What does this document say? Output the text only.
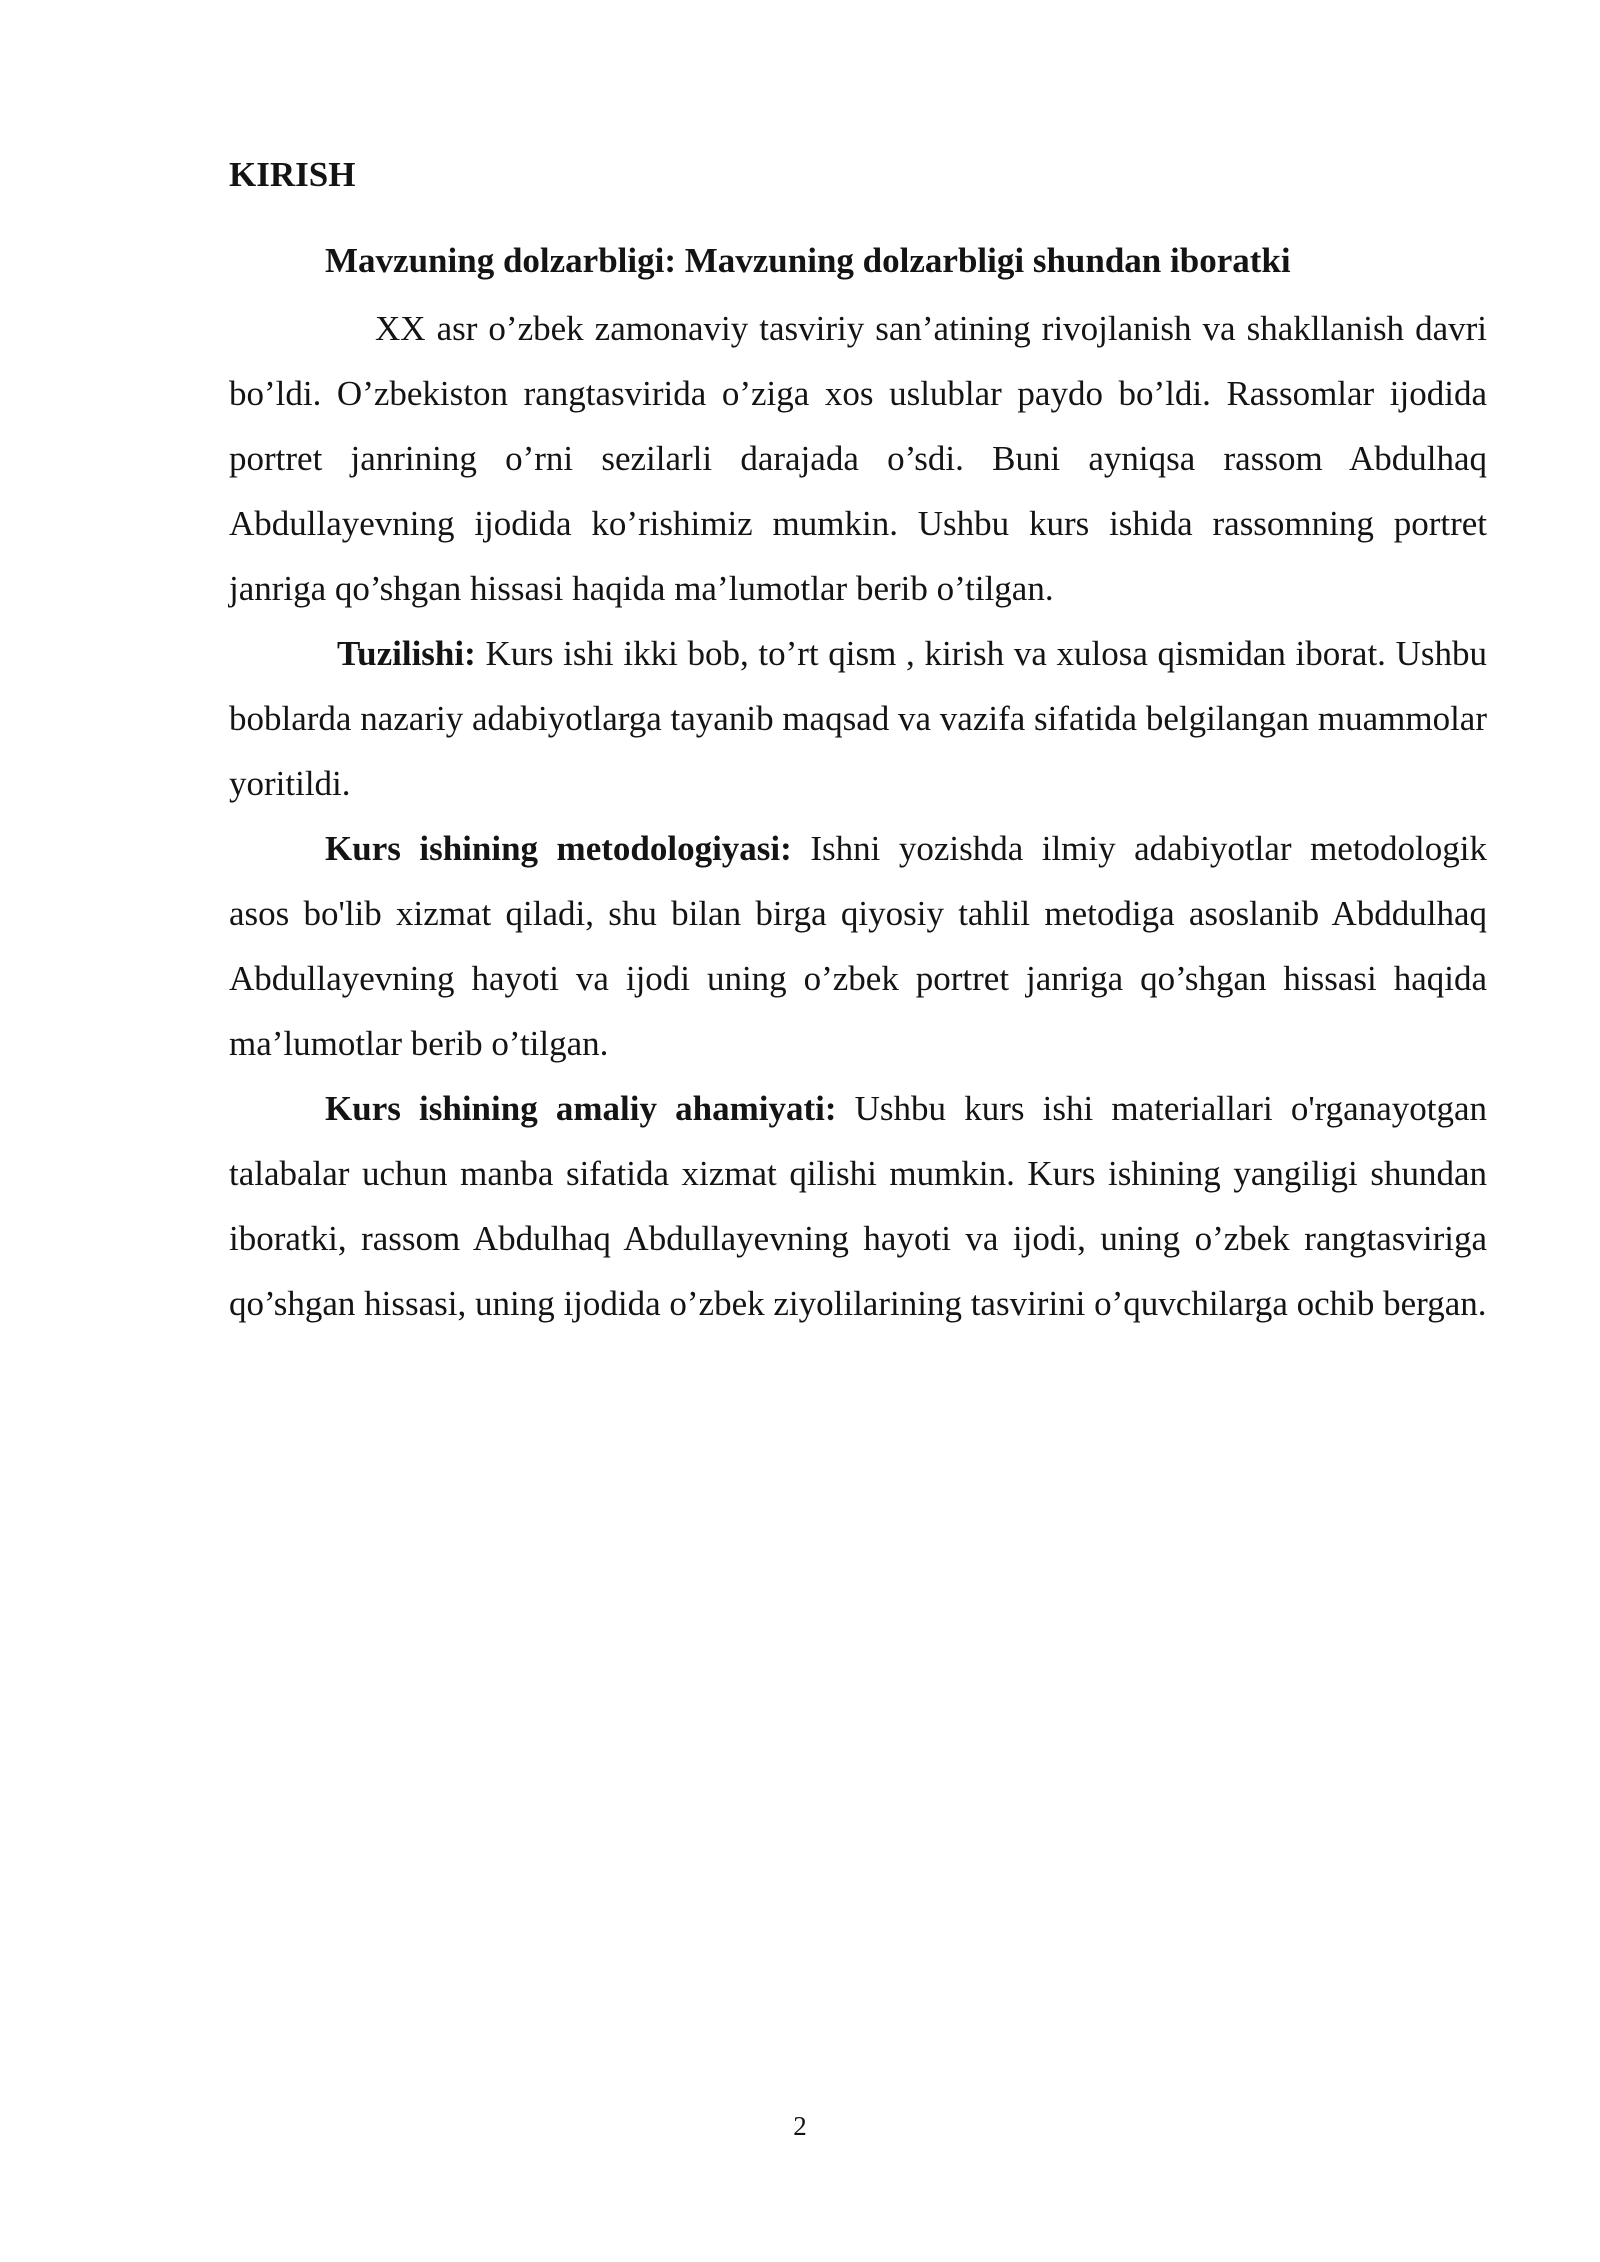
KIRISH

Mavzuning dolzarbligi: Mavzuning dolzarbligi shundan iboratki

XX asr o’zbek zamonaviy tasviriy san’atining rivojlanish va shakllanish davri bo’ldi. O’zbekiston rangtasvirida o’ziga xos uslublar paydo bo’ldi. Rassomlar ijodida portret janrining o’rni sezilarli darajada o’sdi. Buni ayniqsa rassom Abdulhaq Abdullayevning ijodida ko’rishimiz mumkin. Ushbu kurs ishida rassomning portret janriga qo’shgan hissasi haqida ma’lumotlar berib o’tilgan.

Tuzilishi: Kurs ishi ikki bob, to’rt qism , kirish va xulosa qismidan iborat. Ushbu boblarda nazariy adabiyotlarga tayanib maqsad va vazifa sifatida belgilangan muammolar yoritildi.

Kurs ishining metodologiyasi: Ishni yozishda ilmiy adabiyotlar metodologik asos bo'lib xizmat qiladi, shu bilan birga qiyosiy tahlil metodiga asoslanib Abddulhaq Abdullayevning hayoti va ijodi uning o’zbek portret janriga qo’shgan hissasi haqida ma’lumotlar berib o’tilgan.

Kurs ishining amaliy ahamiyati: Ushbu kurs ishi materiallari o'rganayotgan talabalar uchun manba sifatida xizmat qilishi mumkin. Kurs ishining yangiligi shundan iboratki, rassom Abdulhaq Abdullayevning hayoti va ijodi, uning o’zbek rangtasviriga qo’shgan hissasi, uning ijodida o’zbek ziyolilarining tasvirini o’quvchilarga ochib bergan.

2
